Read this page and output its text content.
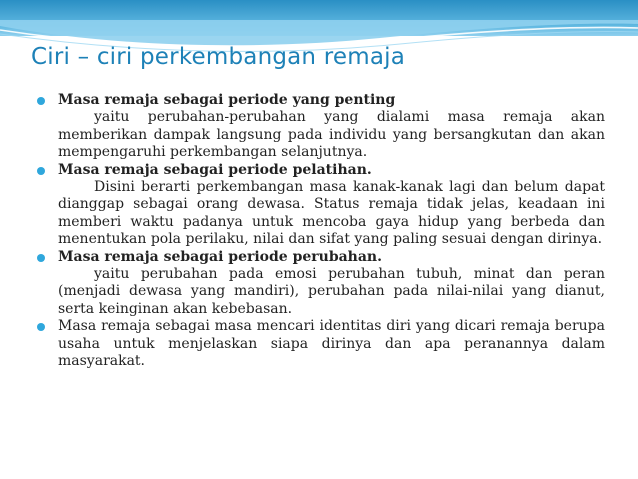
Ciri – ciri perkembangan remaja
Masa remaja sebagai periode yang penting
yaitu perubahan-perubahan yang dialami masa remaja akan memberikan dampak langsung pada individu yang bersangkutan dan akan mempengaruhi perkembangan selanjutnya.
Masa remaja sebagai periode pelatihan.
Disini berarti perkembangan masa kanak-kanak lagi dan belum dapat dianggap sebagai orang dewasa. Status remaja tidak jelas, keadaan ini memberi waktu padanya untuk mencoba gaya hidup yang berbeda dan menentukan pola perilaku, nilai dan sifat yang paling sesuai dengan dirinya.
Masa remaja sebagai periode perubahan.
yaitu perubahan pada emosi perubahan tubuh, minat dan peran (menjadi dewasa yang mandiri), perubahan pada nilai-nilai yang dianut, serta keinginan akan kebebasan.
Masa remaja sebagai masa mencari identitas diri yang dicari remaja berupa usaha untuk menjelaskan siapa dirinya dan apa peranannya dalam masyarakat.
